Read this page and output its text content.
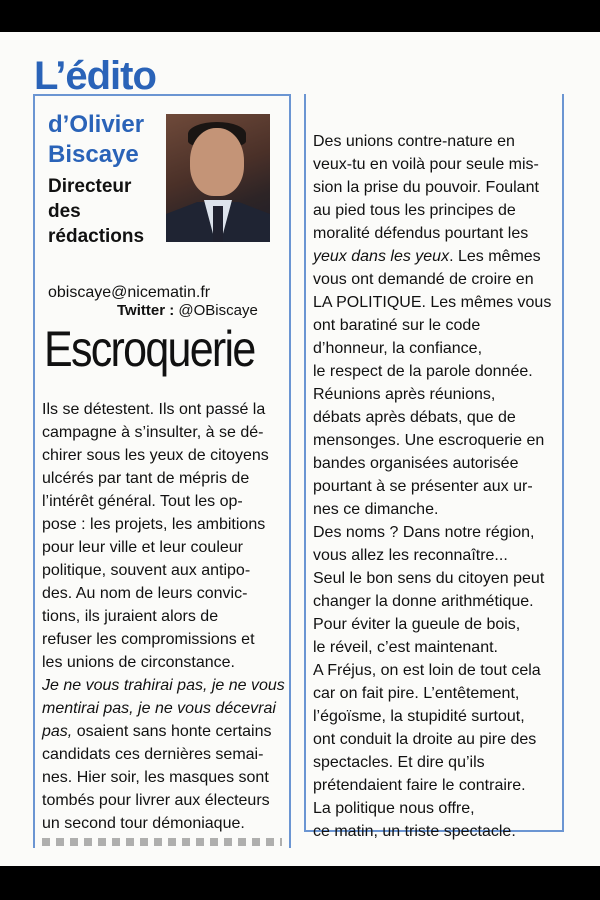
L’édito
d’Olivier
Biscaye
Directeur
des
rédactions
obiscaye@nicematin.fr
Twitter : @OBiscaye
Escroquerie
Ils se détestent. Ils ont passé la
campagne à s’insulter, à se dé-
chirer sous les yeux de citoyens
ulcérés par tant de mépris de
l’intérêt général. Tout les op-
pose : les projets, les ambitions
pour leur ville et leur couleur
politique, souvent aux antipo-
des. Au nom de leurs convic-
tions, ils juraient alors de
refuser les compromissions et
les unions de circonstance.
Je ne vous trahirai pas, je ne vous
mentirai pas, je ne vous décevrai
pas, osaient sans honte certains
candidats ces dernières semai-
nes. Hier soir, les masques sont
tombés pour livrer aux électeurs
un second tour démoniaque.
Des unions contre-nature en
veux-tu en voilà pour seule mis-
sion la prise du pouvoir. Foulant
au pied tous les principes de
moralité défendus pourtant les
yeux dans les yeux. Les mêmes
vous ont demandé de croire en
LA POLITIQUE. Les mêmes vous
ont baratiné sur le code
d’honneur, la confiance,
le respect de la parole donnée.
Réunions après réunions,
débats après débats, que de
mensonges. Une escroquerie en
bandes organisées autorisée
pourtant à se présenter aux ur-
nes ce dimanche.
Des noms ? Dans notre région,
vous allez les reconnaître...
Seul le bon sens du citoyen peut
changer la donne arithmétique.
Pour éviter la gueule de bois,
le réveil, c’est maintenant.
A Fréjus, on est loin de tout cela
car on fait pire. L’entêtement,
l’égoïsme, la stupidité surtout,
ont conduit la droite au pire des
spectacles. Et dire qu’ils
prétendaient faire le contraire.
La politique nous offre,
ce matin, un triste spectacle.
